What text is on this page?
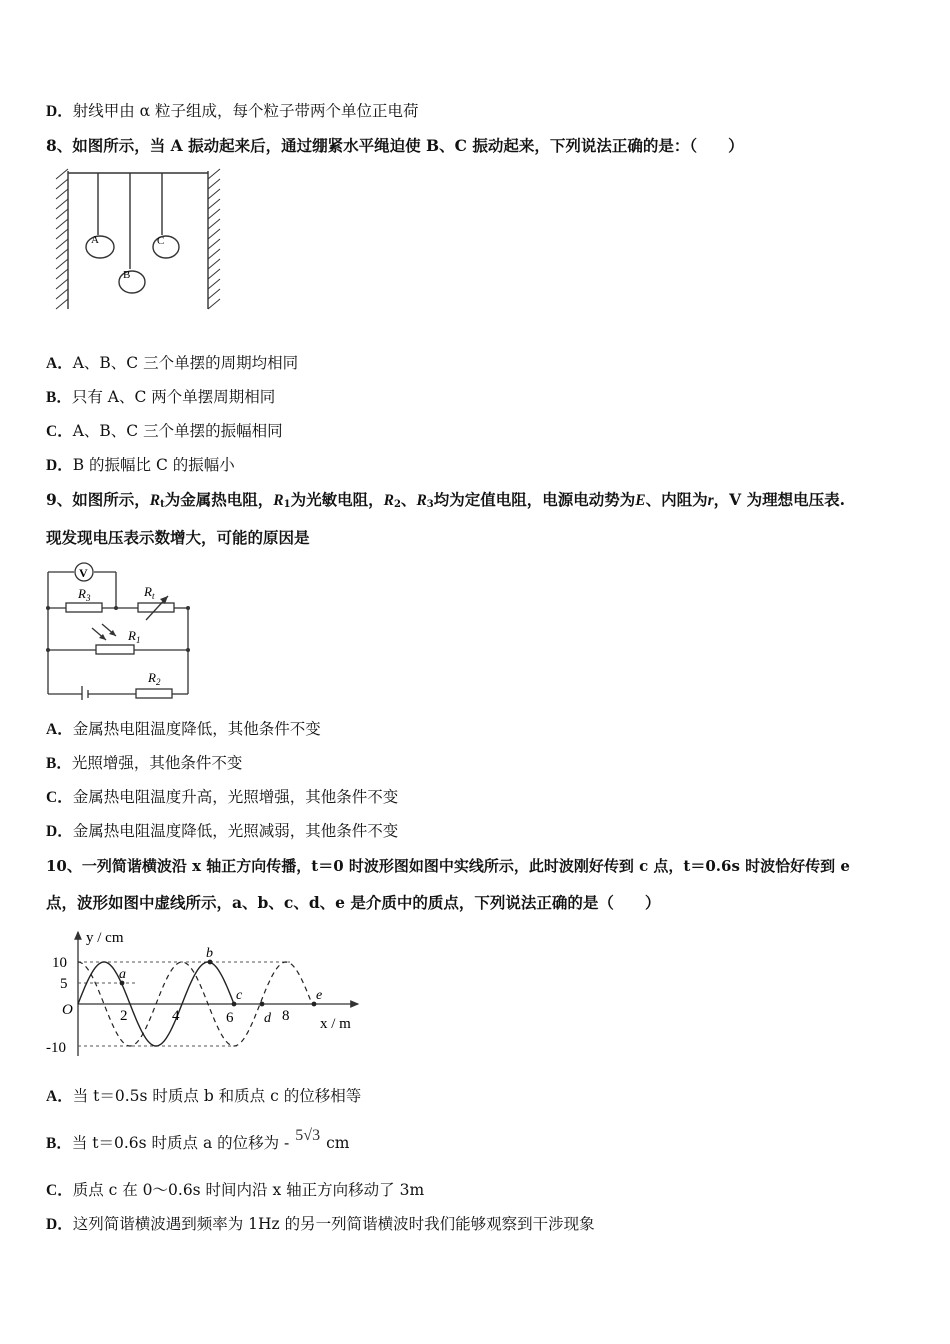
D．射线甲由 α 粒子组成，每个粒子带两个单位正电荷
8、如图所示，当 A 振动起来后，通过绷紧水平绳迫使 B、C 振动起来，下列说法正确的是：（　　）
A
B
C
A．A、B、C 三个单摆的周期均相同
B．只有 A、C 两个单摆周期相同
C．A、B、C 三个单摆的振幅相同
D．B 的振幅比 C 的振幅小
9、如图所示，$R_t$为金属热电阻，$R_1$为光敏电阻，$R_2$、$R_3$均为定值电阻，电源电动势为E、内阻为r，V 为理想电压表.
现发现电压表示数增大，可能的原因是
V
$R_3$	$R_t$
$R_1$
$R_2$
A．金属热电阻温度降低，其他条件不变
B．光照增强，其他条件不变
C．金属热电阻温度升高，光照增强，其他条件不变
D．金属热电阻温度降低，光照减弱，其他条件不变
10、一列简谐横波沿 x 轴正方向传播，t＝0 时波形图如图中实线所示，此时波刚好传到 c 点，t＝0.6s 时波恰好传到 e
点，波形如图中虚线所示，a、b、c、d、e 是介质中的质点，下列说法正确的是（　　）
y / cm
x / m
10
5
-10
O	2	4	6	8
a
b
c
d
e
A．当 t＝0.5s 时质点 b 和质点 c 的位移相等
B．当 t＝0.6s 时质点 a 的位移为 - 5√3 cm
C．质点 c 在 0～0.6s 时间内沿 x 轴正方向移动了 3m
D．这列简谐横波遇到频率为 1Hz 的另一列简谐横波时我们能够观察到干涉现象
